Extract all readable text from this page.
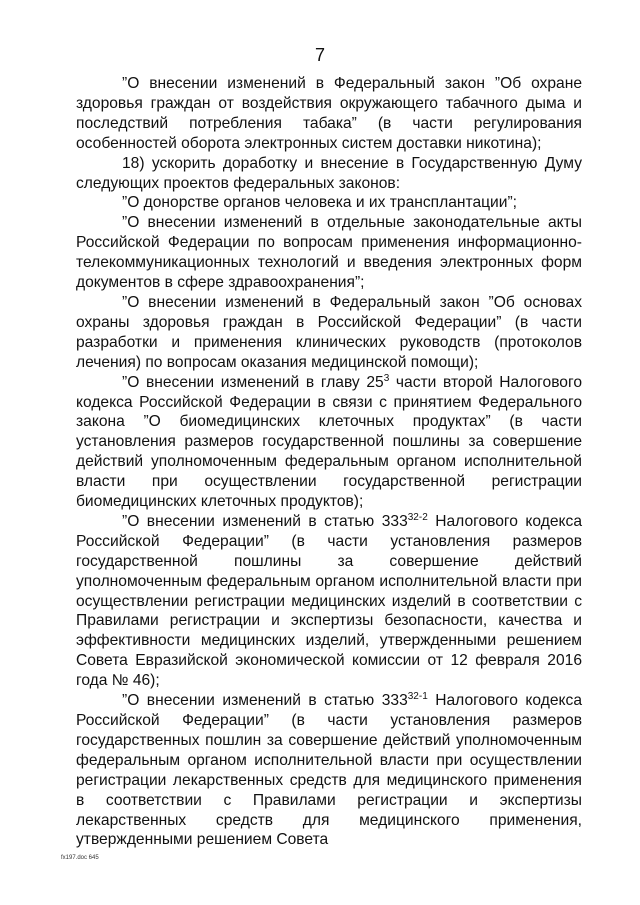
7

”О внесении изменений в Федеральный закон ”Об охране здоровья граждан от воздействия окружающего табачного дыма и последствий потребления табака” (в части регулирования особенностей оборота электронных систем доставки никотина);

18) ускорить доработку и внесение в Государственную Думу следующих проектов федеральных законов:

”О донорстве органов человека и их трансплантации”;

”О внесении изменений в отдельные законодательные акты Российской Федерации по вопросам применения информационно-телекоммуникационных технологий и введения электронных форм документов в сфере здравоохранения”;

”О внесении изменений в Федеральный закон ”Об основах охраны здоровья граждан в Российской Федерации” (в части разработки и применения клинических руководств (протоколов лечения) по вопросам оказания медицинской помощи);

”О внесении изменений в главу $25^3$ части второй Налогового кодекса Российской Федерации в связи с принятием Федерального закона ”О биомедицинских клеточных продуктах” (в части установления размеров государственной пошлины за совершение действий уполномоченным федеральным органом исполнительной власти при осуществлении государственной регистрации биомедицинских клеточных продуктов);

”О внесении изменений в статью 333$^{32-2}$ Налогового кодекса Российской Федерации” (в части установления размеров государственной пошлины за совершение действий уполномоченным федеральным органом исполнительной власти при осуществлении регистрации медицинских изделий в соответствии с Правилами регистрации и экспертизы безопасности, качества и эффективности медицинских изделий, утвержденными решением Совета Евразийской экономической комиссии от 12 февраля 2016 года № 46);

”О внесении изменений в статью 333$^{32-1}$ Налогового кодекса Российской Федерации” (в части установления размеров государственных пошлин за совершение действий уполномоченным федеральным органом исполнительной власти при осуществлении регистрации лекарственных средств для медицинского применения в соответствии с Правилами регистрации и экспертизы лекарственных средств для медицинского применения, утвержденными решением Совета

fx197.doc 645
